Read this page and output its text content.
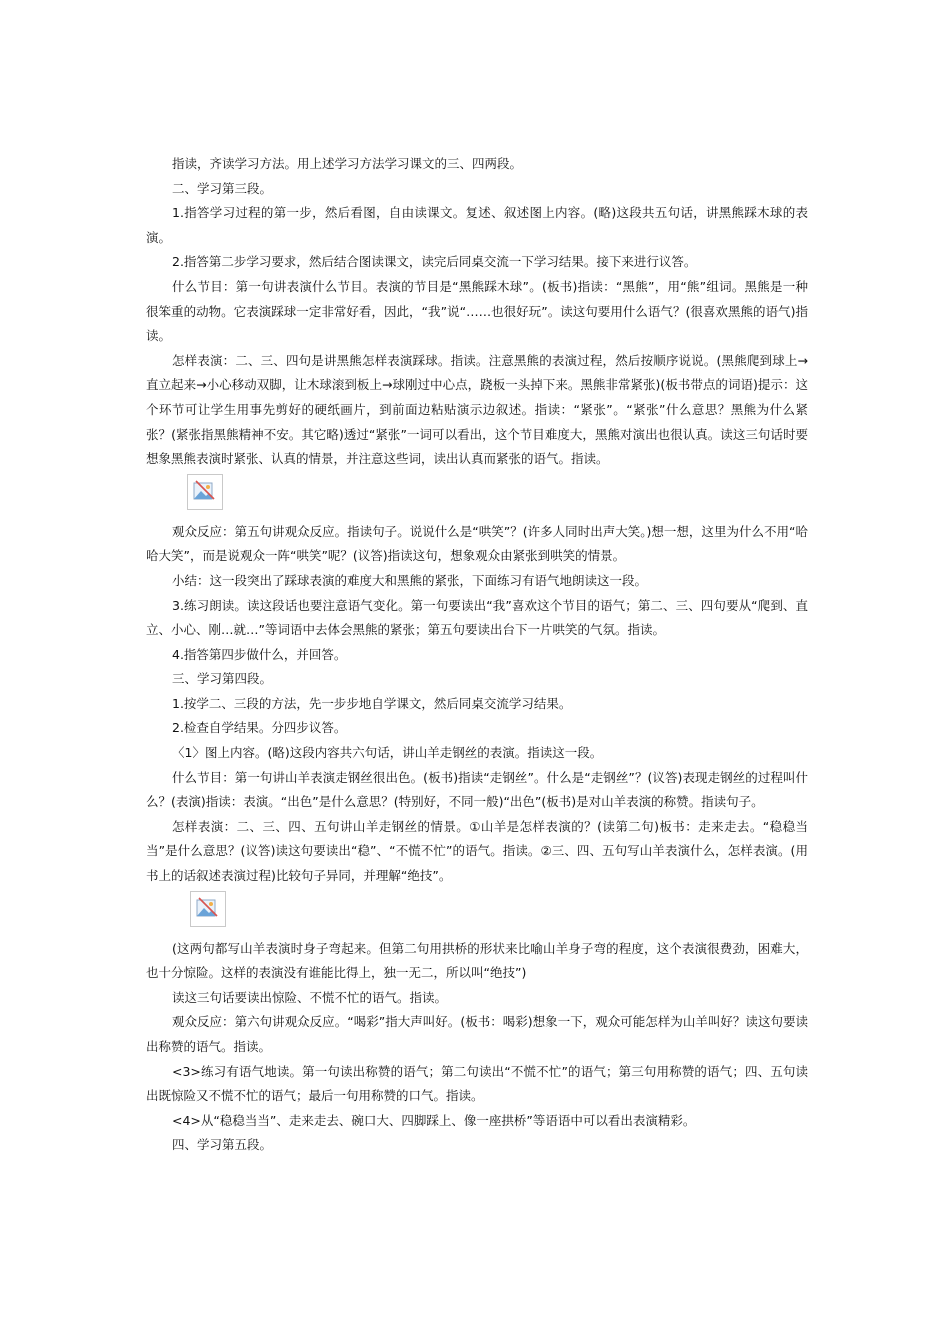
指读，齐读学习方法。用上述学习方法学习课文的三、四两段。

二、学习第三段。

1.指答学习过程的第一步，然后看图，自由读课文。复述、叙述图上内容。(略)这段共五句话，讲黑熊踩木球的表演。

2.指答第二步学习要求，然后结合图读课文，读完后同桌交流一下学习结果。接下来进行议答。

什么节目：第一句讲表演什么节目。表演的节目是“黑熊踩木球”。(板书)指读：“黑熊”，用“熊”组词。黑熊是一种很笨重的动物。它表演踩球一定非常好看，因此，“我”说“……也很好玩”。读这句要用什么语气？(很喜欢黑熊的语气)指读。

怎样表演：二、三、四句是讲黑熊怎样表演踩球。指读。注意黑熊的表演过程，然后按顺序说说。(黑熊爬到球上→直立起来→小心移动双脚，让木球滚到板上→球刚过中心点，跷板一头掉下来。黑熊非常紧张)(板书带点的词语)提示：这个环节可让学生用事先剪好的硬纸画片，到前面边粘贴演示边叙述。指读：“紧张”。“紧张”什么意思？黑熊为什么紧张？(紧张指黑熊精神不安。其它略)透过“紧张”一词可以看出，这个节目难度大，黑熊对演出也很认真。读这三句话时要想象黑熊表演时紧张、认真的情景，并注意这些词，读出认真而紧张的语气。指读。

观众反应：第五句讲观众反应。指读句子。说说什么是“哄笑”？(许多人同时出声大笑。)想一想，这里为什么不用“哈哈大笑”，而是说观众一阵“哄笑”呢？(议答)指读这句，想象观众由紧张到哄笑的情景。

小结：这一段突出了踩球表演的难度大和黑熊的紧张，下面练习有语气地朗读这一段。

3.练习朗读。读这段话也要注意语气变化。第一句要读出“我”喜欢这个节目的语气；第二、三、四句要从“爬到、直立、小心、刚…就…”等词语中去体会黑熊的紧张；第五句要读出台下一片哄笑的气氛。指读。

4.指答第四步做什么，并回答。

三、学习第四段。

1.按学二、三段的方法，先一步步地自学课文，然后同桌交流学习结果。

2.检查自学结果。分四步议答。

〈1〉图上内容。(略)这段内容共六句话，讲山羊走钢丝的表演。指读这一段。

什么节目：第一句讲山羊表演走钢丝很出色。(板书)指读“走钢丝”。什么是“走钢丝”？(议答)表现走钢丝的过程叫什么？(表演)指读：表演。“出色”是什么意思？(特别好，不同一般)“出色”(板书)是对山羊表演的称赞。指读句子。

怎样表演：二、三、四、五句讲山羊走钢丝的情景。①山羊是怎样表演的？(读第二句)板书：走来走去。“稳稳当当”是什么意思？(议答)读这句要读出“稳”、“不慌不忙”的语气。指读。②三、四、五句写山羊表演什么，怎样表演。(用书上的话叙述表演过程)比较句子异同，并理解“绝技”。

(这两句都写山羊表演时身子弯起来。但第二句用拱桥的形状来比喻山羊身子弯的程度，这个表演很费劲，困难大，也十分惊险。这样的表演没有谁能比得上，独一无二，所以叫“绝技”)

读这三句话要读出惊险、不慌不忙的语气。指读。

观众反应：第六句讲观众反应。“喝彩”指大声叫好。(板书：喝彩)想象一下，观众可能怎样为山羊叫好？读这句要读出称赞的语气。指读。

<3>练习有语气地读。第一句读出称赞的语气；第二句读出“不慌不忙”的语气；第三句用称赞的语气；四、五句读出既惊险又不慌不忙的语气；最后一句用称赞的口气。指读。

<4>从“稳稳当当”、走来走去、碗口大、四脚踩上、像一座拱桥”等语语中可以看出表演精彩。

四、学习第五段。
